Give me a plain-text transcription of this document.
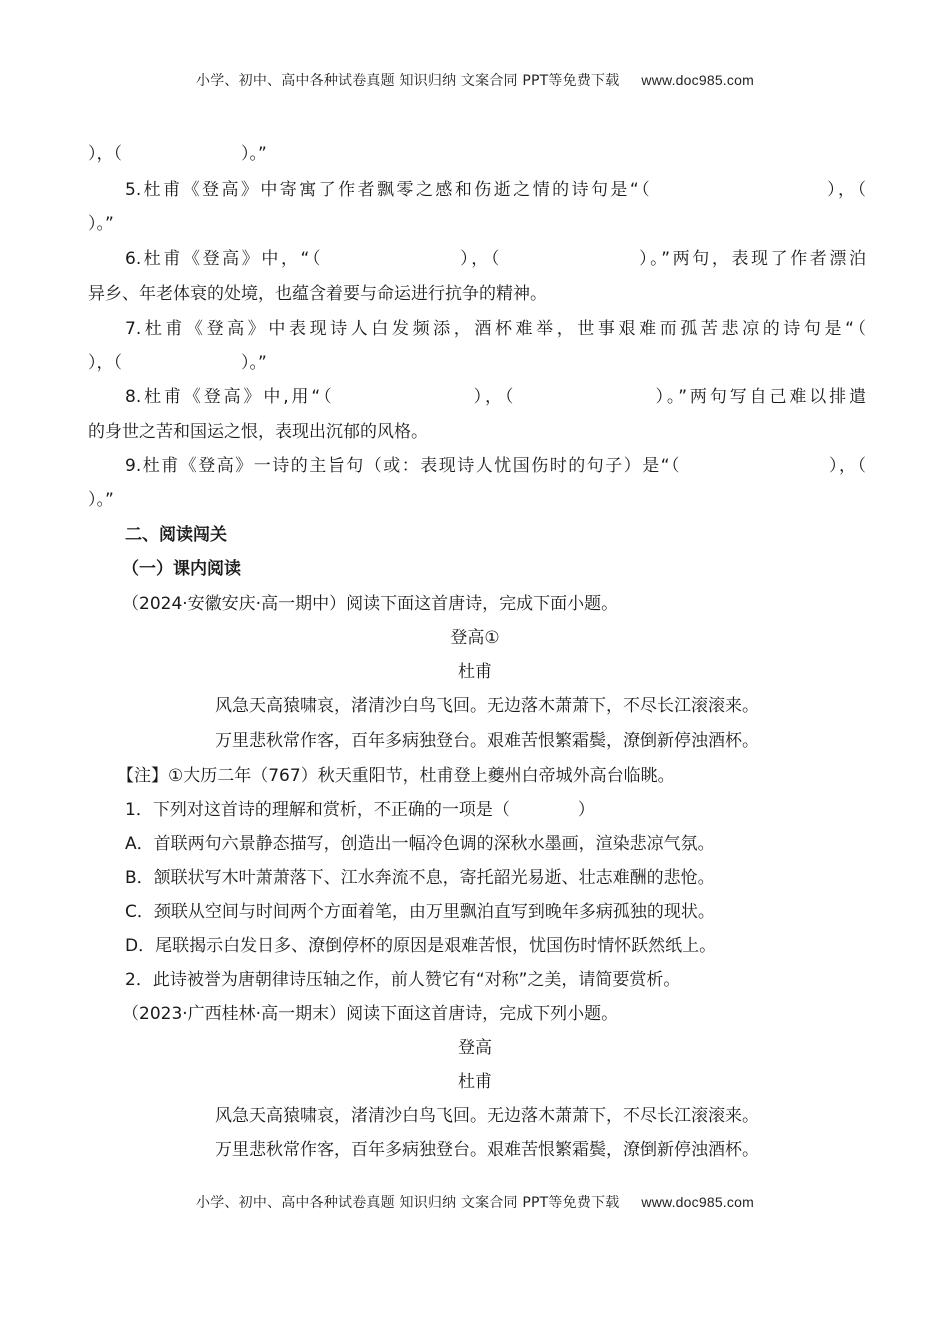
小学、初中、高中各种试卷真题 知识归纳 文案合同 PPT等免费下载 www.doc985.com
），（　　　　　　　）。”
5.杜甫《登高》中寄寓了作者飘零之感和伤逝之情的诗句是“（　　　　　　　　　），（
）。”
6.杜甫《登高》中，“（　　　　　　　），（　　　　　　　）。”两句，表现了作者漂泊
异乡、年老体衰的处境，也蕴含着要与命运进行抗争的精神。
7.杜甫《登高》中表现诗人白发频添，酒杯难举，世事艰难而孤苦悲凉的诗句是“（
），（　　　　　　　）。”
8.杜甫《登高》中,用“（　　　　　　　），（　　　　　　　）。”两句写自己难以排遣
的身世之苦和国运之恨，表现出沉郁的风格。
9.杜甫《登高》一诗的主旨句（或：表现诗人忧国伤时的句子）是“（　　　　　　　　），（
）。”
二、阅读闯关
（一）课内阅读
（2024·安徽安庆·高一期中）阅读下面这首唐诗，完成下面小题。
登高①
杜甫
风急天高猿啸哀，渚清沙白鸟飞回。无边落木萧萧下，不尽长江滚滚来。
万里悲秋常作客，百年多病独登台。艰难苦恨繁霜鬓，潦倒新停浊酒杯。
【注】①大历二年（767）秋天重阳节，杜甫登上夔州白帝城外高台临眺。
1．下列对这首诗的理解和赏析，不正确的一项是（　　　　）
A．首联两句六景静态描写，创造出一幅冷色调的深秋水墨画，渲染悲凉气氛。
B．颔联状写木叶萧萧落下、江水奔流不息，寄托韶光易逝、壮志难酬的悲怆。
C．颈联从空间与时间两个方面着笔，由万里飘泊直写到晚年多病孤独的现状。
D．尾联揭示白发日多、潦倒停杯的原因是艰难苦恨，忧国伤时情怀跃然纸上。
2．此诗被誉为唐朝律诗压轴之作，前人赞它有“对称”之美，请简要赏析。
（2023·广西桂林·高一期末）阅读下面这首唐诗，完成下列小题。
登高
杜甫
风急天高猿啸哀，渚清沙白鸟飞回。无边落木萧萧下，不尽长江滚滚来。
万里悲秋常作客，百年多病独登台。艰难苦恨繁霜鬓，潦倒新停浊酒杯。
小学、初中、高中各种试卷真题 知识归纳 文案合同 PPT等免费下载 www.doc985.com
